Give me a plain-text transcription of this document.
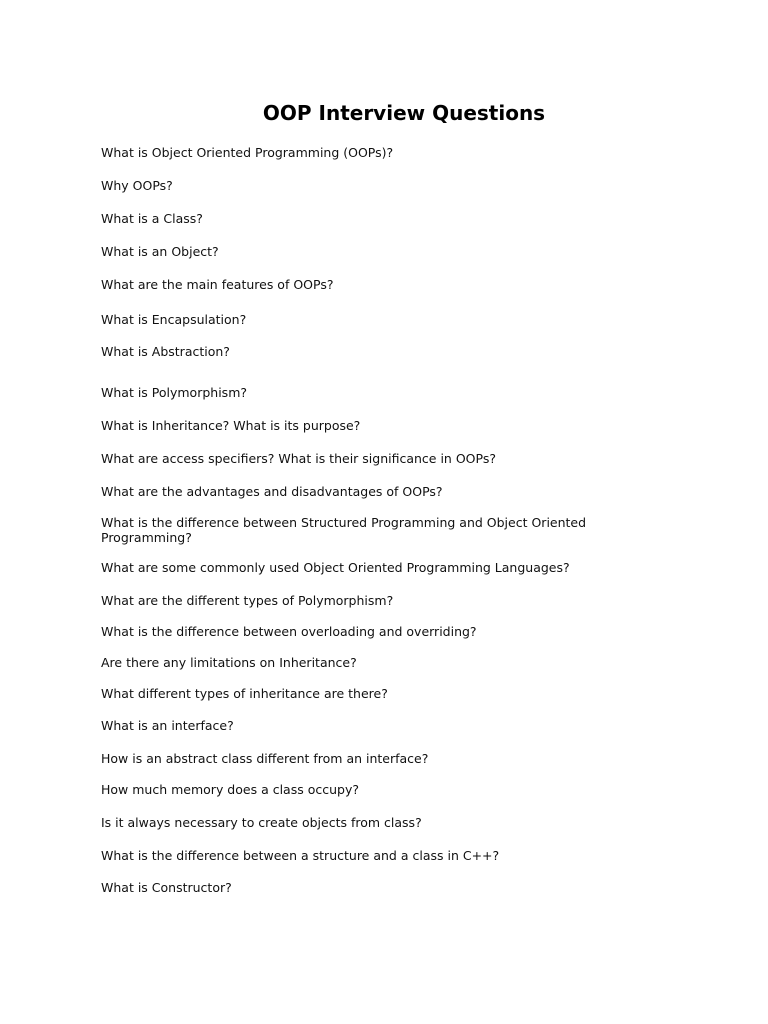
OOP Interview Questions
What is Object Oriented Programming (OOPs)?
Why OOPs?
What is a Class?
What is an Object?
What are the main features of OOPs?
What is Encapsulation?
What is Abstraction?
What is Polymorphism?
What is Inheritance? What is its purpose?
What are access specifiers? What is their significance in OOPs?
What are the advantages and disadvantages of OOPs?
What is the difference between Structured Programming and Object Oriented Programming?
What are some commonly used Object Oriented Programming Languages?
What are the different types of Polymorphism?
What is the difference between overloading and overriding?
Are there any limitations on Inheritance?
What different types of inheritance are there?
What is an interface?
How is an abstract class different from an interface?
How much memory does a class occupy?
Is it always necessary to create objects from class?
What is the difference between a structure and a class in C++?
What is Constructor?
